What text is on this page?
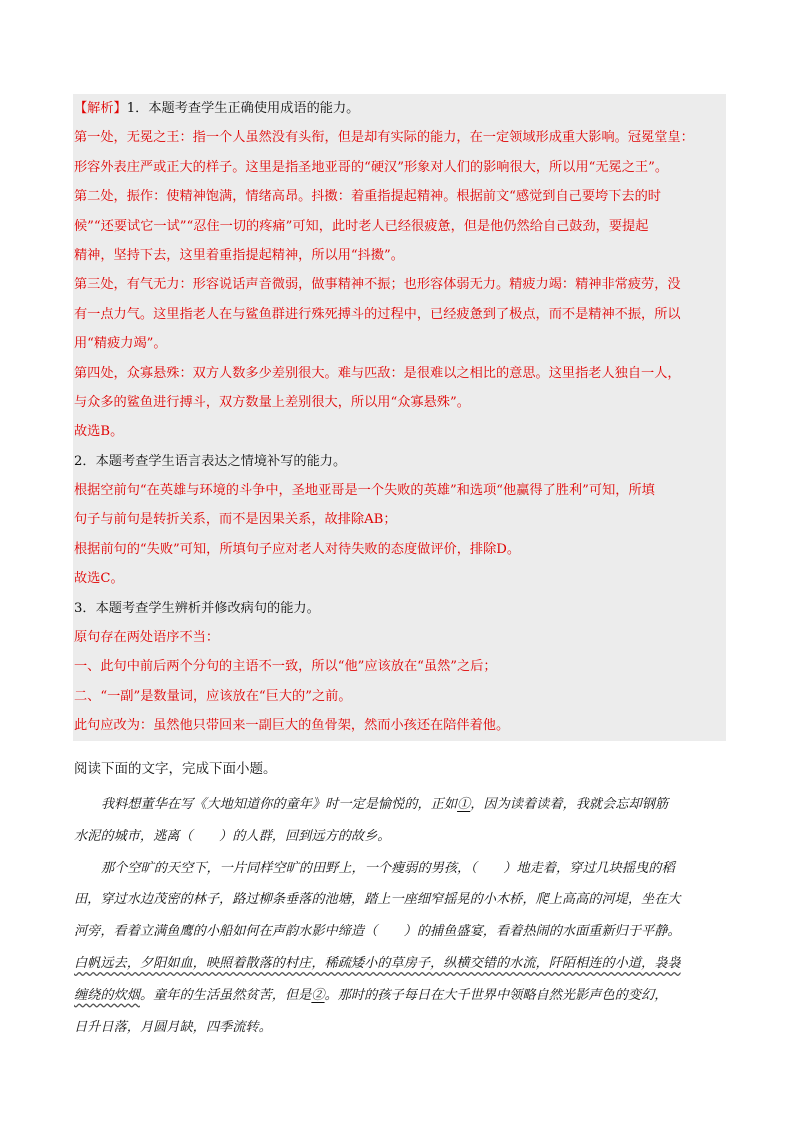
【解析】1．本题考查学生正确使用成语的能力。
第一处，无冕之王：指一个人虽然没有头衔，但是却有实际的能力，在一定领域形成重大影响。冠冕堂皇：
形容外表庄严或正大的样子。这里是指圣地亚哥的“硬汉”形象对人们的影响很大，所以用“无冕之王”。
第二处，振作：使精神饱满，情绪高昂。抖擞：着重指提起精神。根据前文“感觉到自己要垮下去的时
候”“还要试它一试”“忍住一切的疼痛”可知，此时老人已经很疲惫，但是他仍然给自己鼓劲，要提起
精神，坚持下去，这里着重指提起精神，所以用“抖擞”。
第三处，有气无力：形容说话声音微弱，做事精神不振；也形容体弱无力。精疲力竭：精神非常疲劳，没
有一点力气。这里指老人在与鲨鱼群进行殊死搏斗的过程中，已经疲惫到了极点，而不是精神不振，所以
用“精疲力竭”。
第四处，众寡悬殊：双方人数多少差别很大。难与匹敌：是很难以之相比的意思。这里指老人独自一人，
与众多的鲨鱼进行搏斗，双方数量上差别很大，所以用“众寡悬殊”。
故选B。
2．本题考查学生语言表达之情境补写的能力。
根据空前句“在英雄与环境的斗争中，圣地亚哥是一个失败的英雄”和选项“他赢得了胜利”可知，所填
句子与前句是转折关系，而不是因果关系，故排除AB；
根据前句的“失败”可知，所填句子应对老人对待失败的态度做评价，排除D。
故选C。
3．本题考查学生辨析并修改病句的能力。
原句存在两处语序不当：
一、此句中前后两个分句的主语不一致，所以“他”应该放在“虽然”之后；
二、“一副”是数量词，应该放在“巨大的”之前。
此句应改为：虽然他只带回来一副巨大的鱼骨架，然而小孩还在陪伴着他。
阅读下面的文字，完成下面小题。
我料想董华在写《大地知道你的童年》时一定是愉悦的，正如①，因为读着读着，我就会忘却钢筋
水泥的城市，逃离（　　）的人群，回到远方的故乡。
那个空旷的天空下，一片同样空旷的田野上，一个瘦弱的男孩，（　　）地走着，穿过几块摇曳的稻
田，穿过水边茂密的林子，路过柳条垂落的池塘，踏上一座细窄摇晃的小木桥，爬上高高的河堤，坐在大
河旁，看着立满鱼鹰的小船如何在声韵水影中缔造（　　）的捕鱼盛宴，看着热闹的水面重新归于平静。
白帆远去，夕阳如血，映照着散落的村庄，稀疏矮小的草房子，纵横交错的水流，阡陌相连的小道，袅袅
缠绕的炊烟。童年的生活虽然贫苦，但是②。那时的孩子每日在大千世界中领略自然光影声色的变幻，
日升日落，月圆月缺，四季流转。
